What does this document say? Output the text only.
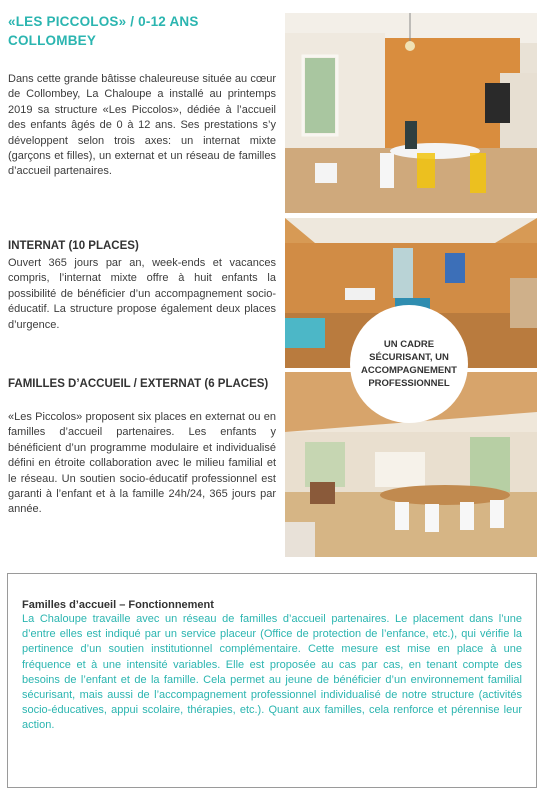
«LES PICCOLOS» / 0-12 ANS COLLOMBEY
Dans cette grande bâtisse chaleureuse située au cœur de Collombey, La Chaloupe a installé au printemps 2019 sa structure «Les Piccolos», dédiée à l’accueil des enfants âgés de 0 à 12 ans. Ses prestations s’y développent selon trois axes: un internat mixte (garçons et filles), un externat et un réseau de familles d’accueil partenaires.
INTERNAT (10 PLACES)
Ouvert 365 jours par an, week-ends et vacances compris, l’internat mixte offre à huit enfants la possibilité de bénéficier d’un accompagnement socio-éducatif. La structure propose également deux places d’urgence.
FAMILLES D’ACCUEIL / EXTERNAT (6 PLACES)
«Les Piccolos» proposent six places en externat ou en familles d’accueil partenaires. Les enfants y bénéficient d’un programme modulaire et individualisé défini en étroite collaboration avec le milieu familial et le réseau. Un soutien socio-éducatif professionnel est garanti à l’enfant et à la famille 24h/24, 365 jours par année.
UN CADRE SÉCURISANT, UN ACCOMPAGNEMENT PROFESSIONNEL
Familles d’accueil – Fonctionnement
La Chaloupe travaille avec un réseau de familles d’accueil partenaires. Le placement dans l’une d’entre elles est indiqué par un service placeur (Office de protection de l’enfance, etc.), qui vérifie la pertinence d’un soutien institutionnel complémentaire. Cette mesure est mise en place à une fréquence et à une intensité variables. Elle est proposée au cas par cas, en tenant compte des besoins de l’enfant et de la famille. Cela permet au jeune de bénéficier d’un environnement familial sécurisant, mais aussi de l’accompagnement professionnel individualisé de notre structure (activités socio-éducatives, appui scolaire, thérapies, etc.). Quant aux familles, cela renforce et pérennise leur action.
